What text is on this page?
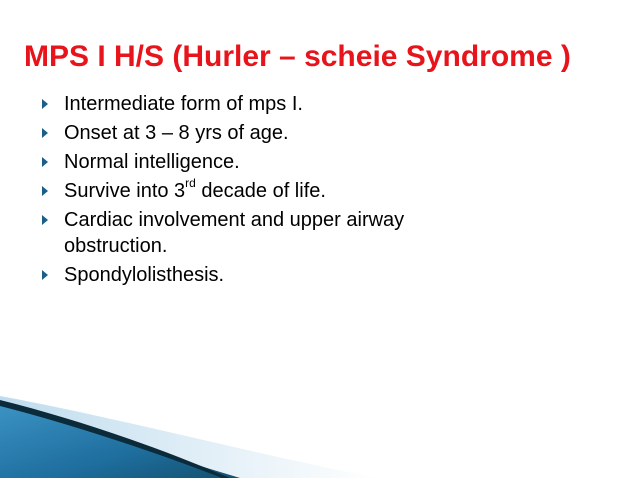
MPS I H/S (Hurler – scheie Syndrome )
Intermediate form of mps I.
Onset at 3 – 8 yrs of age.
Normal intelligence.
Survive into 3rd decade of life.
Cardiac involvement and upper airway obstruction.
Spondylolisthesis.
